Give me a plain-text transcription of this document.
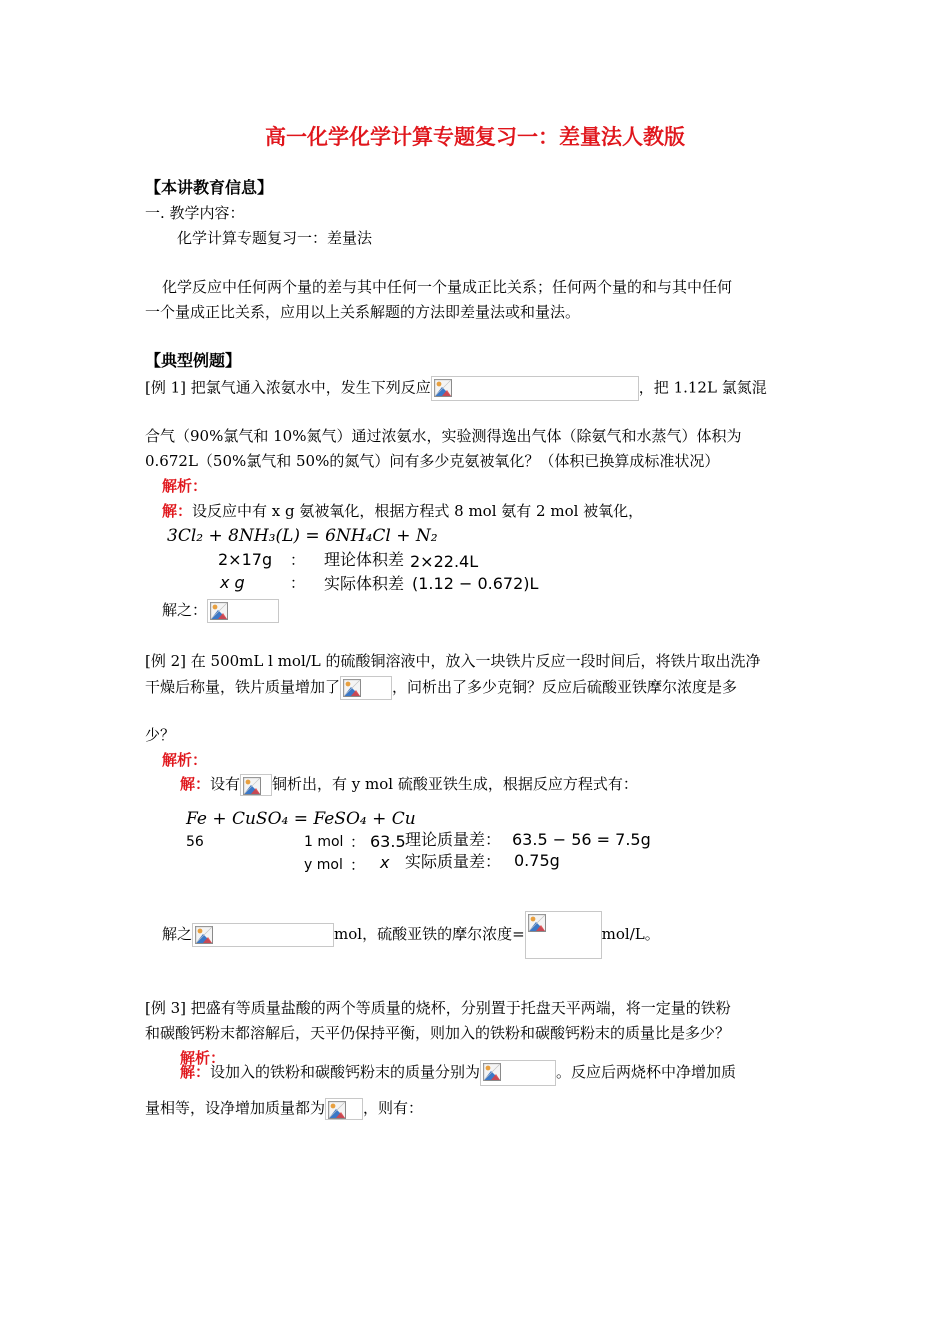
高一化学化学计算专题复习一：差量法人教版
【本讲教育信息】
一. 教学内容：
化学计算专题复习一：差量法
化学反应中任何两个量的差与其中任何一个量成正比关系；任何两个量的和与其中任何
一个量成正比关系，应用以上关系解题的方法即差量法或和量法。
【典型例题】
[例 1] 把氯气通入浓氨水中，发生下列反应	，把 1.12L 氯氮混
合气（90%氯气和 10%氮气）通过浓氨水，实验测得逸出气体（除氨气和水蒸气）体积为
0.672L（50%氯气和 50%的氮气）问有多少克氨被氧化？（体积已换算成标准状况）
解析：
解：设反应中有 x g 氨被氧化，根据方程式 8 mol 氨有 2 mol 被氧化，
3Cl₂ + 8NH₃(L) = 6NH₄Cl + N₂
2×17g ： 理论体积差 2×22.4L
x g	： 实际体积差 (1.12 − 0.672)L
解之：
[例 2] 在 500mL l mol/L 的硫酸铜溶液中，放入一块铁片反应一段时间后，将铁片取出洗净
干燥后称量，铁片质量增加了	，问析出了多少克铜？反应后硫酸亚铁摩尔浓度是多
少？
解析：
解：设有 铜析出，有 y mol 硫酸亚铁生成，根据反应方程式有：
Fe + CuSO₄ = FeSO₄ + Cu
56	1 mol ： 63.5 理论质量差： 63.5 − 56 = 7.5g
y mol ： x 实际质量差： 0.75g
解之	mol，硫酸亚铁的摩尔浓度=	mol/L。
[例 3] 把盛有等质量盐酸的两个等质量的烧杯，分别置于托盘天平两端，将一定量的铁粉
和碳酸钙粉末都溶解后，天平仍保持平衡，则加入的铁粉和碳酸钙粉末的质量比是多少？
解析：
解：设加入的铁粉和碳酸钙粉末的质量分别为	。反应后两烧杯中净增加质
量相等，设净增加质量都为	，则有：
